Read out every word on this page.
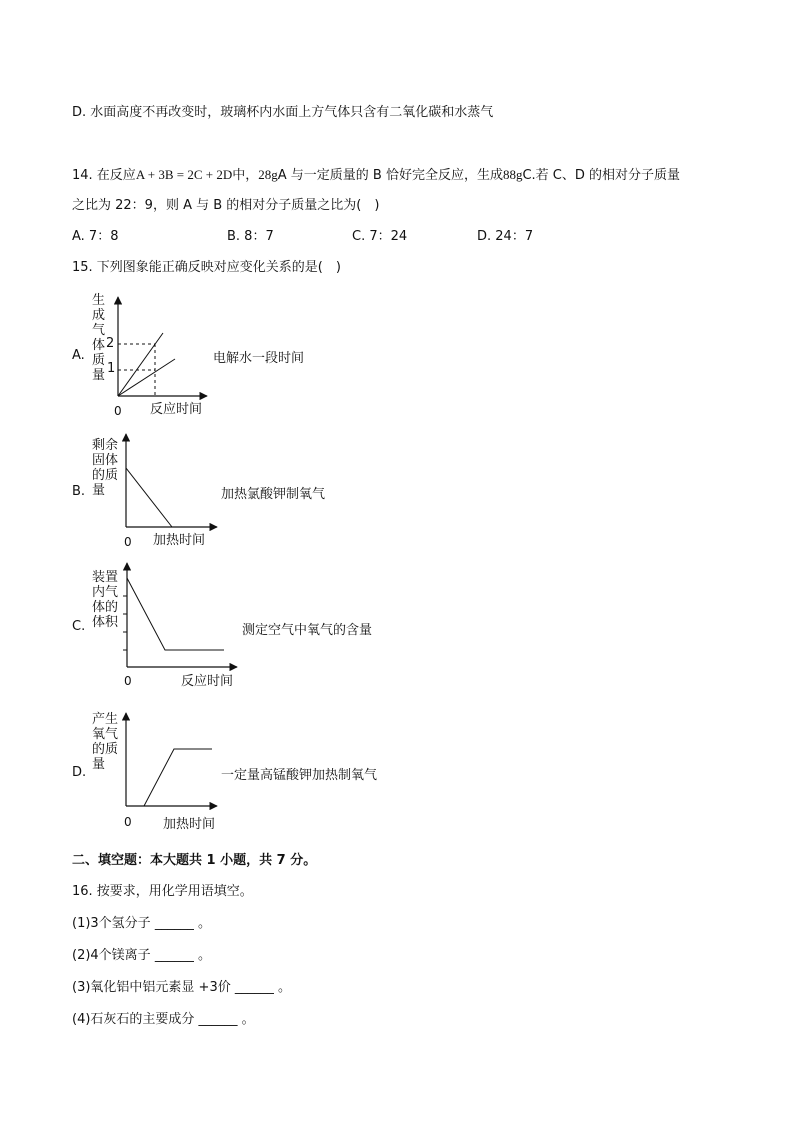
D. 水面高度不再改变时，玻璃杯内水面上方气体只含有二氧化碳和水蒸气
14. 在反应A + 3B = 2C + 2D中，28gA 与一定质量的 B 恰好完全反应，生成88gC.若 C、D 的相对分子质量
之比为 22：9，则 A 与 B 的相对分子质量之比为(　)
A. 7：8	B. 8：7	C. 7：24	D. 24：7
15. 下列图象能正确反映对应变化关系的是(　)
A.
生
成
气
体
质
量
2
1
0 反应时间
电解水一段时间
B.
剩余
固体
的质
量
0 加热时间
加热氯酸钾制氧气
C.
装置
内气
体的
体积
0	反应时间
测定空气中氧气的含量
D.
产生
氧气
的质
量
0 加热时间
一定量高锰酸钾加热制氧气
二、填空题：本大题共 1 小题，共 7 分。
16. 按要求，用化学用语填空。
(1)3个氢分子 ______ 。
(2)4个镁离子 ______ 。
(3)氧化铝中铝元素显 +3价 ______ 。
(4)石灰石的主要成分 ______ 。
